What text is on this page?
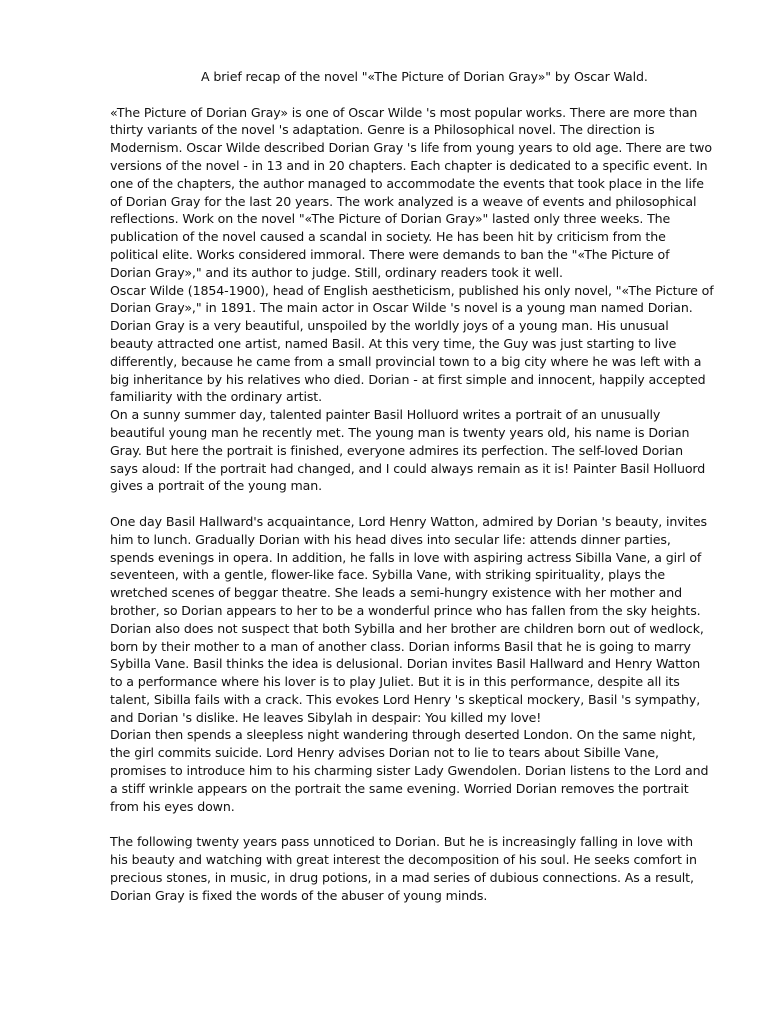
A brief recap of the novel "«The Picture of Dorian Gray»" by Oscar Wald.

«The Picture of Dorian Gray» is one of Oscar Wilde 's most popular works. There are more than thirty variants of the novel 's adaptation. Genre is a Philosophical novel. The direction is Modernism. Oscar Wilde described Dorian Gray 's life from young years to old age. There are two versions of the novel - in 13 and in 20 chapters. Each chapter is dedicated to a specific event. In one of the chapters, the author managed to accommodate the events that took place in the life of Dorian Gray for the last 20 years. The work analyzed is a weave of events and philosophical reflections. Work on the novel "«The Picture of Dorian Gray»" lasted only three weeks. The publication of the novel caused a scandal in society. He has been hit by criticism from the political elite. Works considered immoral. There were demands to ban the "«The Picture of Dorian Gray»," and its author to judge. Still, ordinary readers took it well.

Oscar Wilde (1854-1900), head of English aestheticism, published his only novel, "«The Picture of Dorian Gray»," in 1891. The main actor in Oscar Wilde 's novel is a young man named Dorian. Dorian Gray is a very beautiful, unspoiled by the worldly joys of a young man. His unusual beauty attracted one artist, named Basil. At this very time, the Guy was just starting to live differently, because he came from a small provincial town to a big city where he was left with a big inheritance by his relatives who died. Dorian - at first simple and innocent, happily accepted familiarity with the ordinary artist.

On a sunny summer day, talented painter Basil Holluord writes a portrait of an unusually beautiful young man he recently met. The young man is twenty years old, his name is Dorian Gray. But here the portrait is finished, everyone admires its perfection. The self-loved Dorian says aloud: If the portrait had changed, and I could always remain as it is! Painter Basil Holluord gives a portrait of the young man.

One day Basil Hallward's acquaintance, Lord Henry Watton, admired by Dorian 's beauty, invites him to lunch. Gradually Dorian with his head dives into secular life: attends dinner parties, spends evenings in opera. In addition, he falls in love with aspiring actress Sibilla Vane, a girl of seventeen, with a gentle, flower-like face. Sybilla Vane, with striking spirituality, plays the wretched scenes of beggar theatre. She leads a semi-hungry existence with her mother and brother, so Dorian appears to her to be a wonderful prince who has fallen from the sky heights. Dorian also does not suspect that both Sybilla and her brother are children born out of wedlock, born by their mother to a man of another class. Dorian informs Basil that he is going to marry Sybilla Vane. Basil thinks the idea is delusional. Dorian invites Basil Hallward and Henry Watton to a performance where his lover is to play Juliet. But it is in this performance, despite all its talent, Sibilla fails with a crack. This evokes Lord Henry 's skeptical mockery, Basil 's sympathy, and Dorian 's dislike. He leaves Sibylah in despair: You killed my love!

Dorian then spends a sleepless night wandering through deserted London. On the same night, the girl commits suicide. Lord Henry advises Dorian not to lie to tears about Sibille Vane, promises to introduce him to his charming sister Lady Gwendolen. Dorian listens to the Lord and a stiff wrinkle appears on the portrait the same evening. Worried Dorian removes the portrait from his eyes down.

The following twenty years pass unnoticed to Dorian. But he is increasingly falling in love with his beauty and watching with great interest the decomposition of his soul. He seeks comfort in precious stones, in music, in drug potions, in a mad series of dubious connections. As a result, Dorian Gray is fixed the words of the abuser of young minds.
